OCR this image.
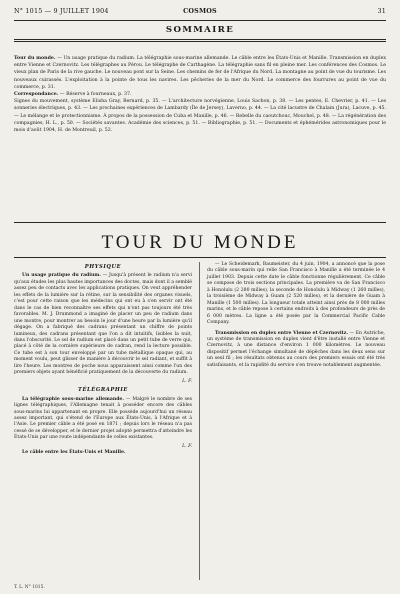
N° 1015 — 9 JUILLET 1904	COSMOS	31
SOMMAIRE

Tour du monde. — Un usage pratique du radium. La télégraphie sous-marine allemande. Le câble entre les États-Unis et Manille. Transmission en duplex entre Vienne et Czernovitz. Les télégraphes au Pérou. Le télégraphe de Carthagène. La télégraphie sans fil en pleine mer. Les conférences des Cosmos. Le vieux plan de Paris de la rive gauche. Le nouveau pont sur la Seine. Les chemins de fer de l'Afrique du Nord. La montagne au point de vue du tourisme. Les nouveaux cuirassés. L'exploitation à la pointe de tous les navires. Les pêcheries de la mer du Nord. Le commerce des fourrures au point de vue du commerce, p. 31.

Correspondance. — Réserve à fourneaux, p. 37.

Signes du mouvement, système Elisha Gray, Bernard, p. 35. — L'architecture norvégienne, Louis Sachon, p. 38. — Les pentes, E. Chevrier, p. 41. — Les sonneries électriques, p. 43. — Les prochaines expériences de Lambardy (Île de Jersey), Laverno, p. 44. — La cité lacustre de Chalain (Jura), Lacuve, p. 45. — Le mélange et le protectionnisme. À propos de la possession de Cuba et Manille, p. 46. — Rebelle du caoutchouc, Mouchel, p. 48. — La régénération des compagnies, H. L., p. 50. — Sociétés savantes. Académie des sciences, p. 51. — Bibliographie, p. 51. — Documents et éphémérides astronomiques pour le mois d'août 1904, H. de Montreuil, p. 52.

TOUR DU MONDE
PHYSIQUE

Un usage pratique du radium. — Jusqu'à présent le radium n'a servi qu'aux études les plus hautes importances des doctes, mais dont il a semblé assez peu de contacts avec les applications pratiques. On veut appréhender les effets de la lumière sur la rétine, sur la sensibilité des organes visuels, c'est pour cette raison que les médecins qui ont eu à s'en servir ont été dans le cas de bien reconnaître ses effets qui n'ont pas toujours été très favorables. M. J. Drummond a imaginé de placer un peu de radium dans une montre, pour montrer au besoin le jour d'une heure par la lumière qu'il dégage. On a fabriqué des cadrans présentant un chiffre de points lumineux, des cadrans présentant que l'on a dit intuitifs, lisibles la nuit, dans l'obscurité. Le sel de radium est placé dans un petit tube de verre qui, placé à côté de la cornière supérieure de cadran, rend la lecture possible. Ce tube est à son tour enveloppé par un tube métallique opaque qui, au moment voulu, peut glisser de manière à découvrir le sel radiant, et suffit à lire l'heure. Les montres de poche nous apparaissent ainsi comme l'un des premiers objets ayant bénéficié pratiquement de la découverte du radium.

L. F.

TÉLÉGRAPHIE

La télégraphie sous-marine allemande. — Malgré le nombre de ses lignes télégraphiques, l'Allemagne tenait à posséder encore des câbles sous-marins lui appartenant en propre. Elle possède aujourd'hui un réseau assez important, qui s'étend de l'Europe aux États-Unis, à l'Afrique et à l'Asie. Le premier câble a été posé en 1871 ; depuis lors le réseau n'a pas cessé de se développer, et le dernier projet adopté permettra d'atteindre les États-Unis par une route indépendante de celles existantes.

L. F.

Le câble entre les États-Unis et Manille.

— Le Scheidemark, Baumeister, du 4 juin, 1904, a annoncé que la pose du câble sous-marin qui relie San Francisco à Manille a été terminée le 4 juillet 1903. Depuis cette date le câble fonctionne régulièrement. Ce câble se compose de trois sections principales. La première va de San Francisco à Honolulu (2 280 milles), la seconde de Honolulu à Midway (1 260 milles), la troisième de Midway à Guam (2 520 milles), et la dernière de Guam à Manille (1 500 milles). La longueur totale atteint ainsi près de 8 000 milles marins, et le câble repose à certains endroits à des profondeurs de près de 6 000 mètres. La ligne a été posée par la Commercial Pacific Cable Company.

Transmission en duplex entre Vienne et Czernovitz. — En Autriche, un système de transmission en duplex vient d'être installé entre Vienne et Czernovitz, à une distance d'environ 1 000 kilomètres. Le nouveau dispositif permet l'échange simultané de dépêches dans les deux sens sur un seul fil ; les résultats obtenus au cours des premiers essais ont été très satisfaisants, et la rapidité du service s'en trouve notablement augmentée.

T. L. N° 1015.
